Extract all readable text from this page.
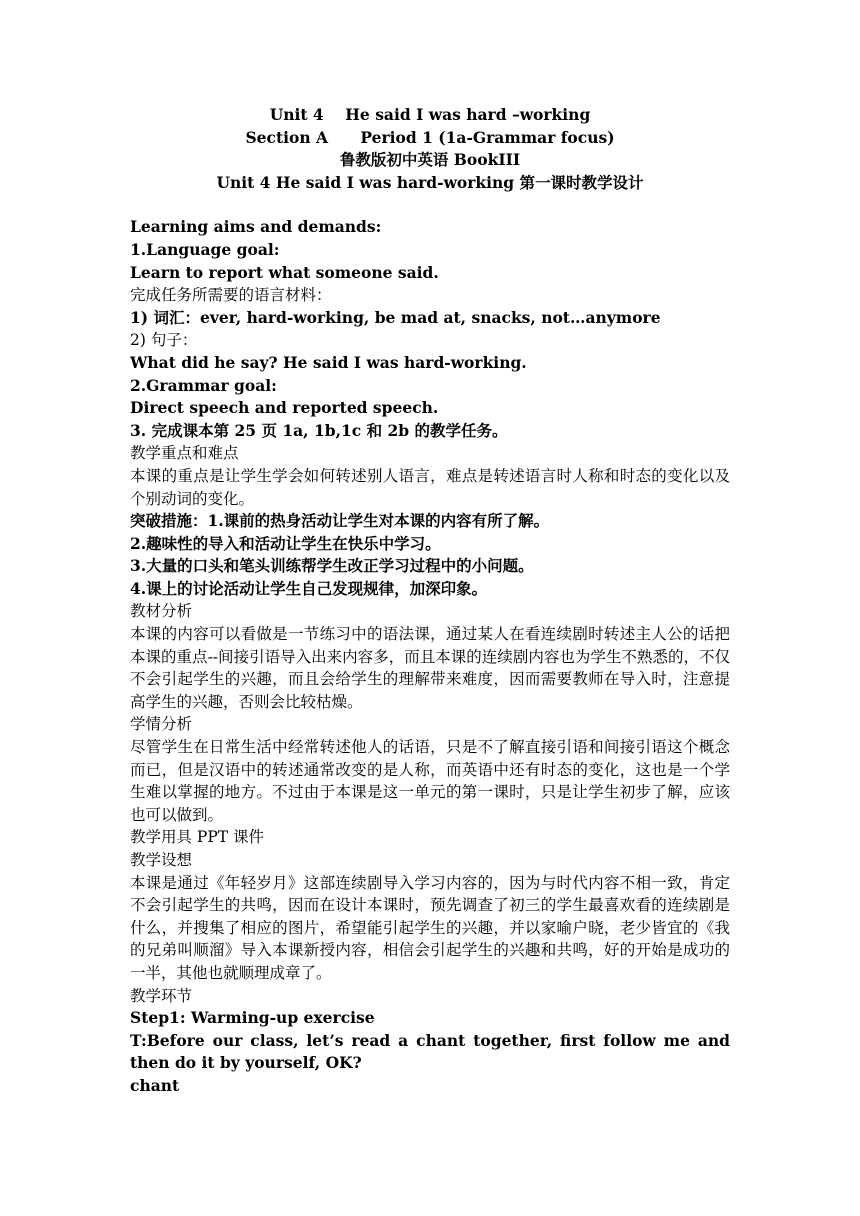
Unit 4    He said I was hard –working
Section A      Period 1 (1a-Grammar focus)
鲁教版初中英语 BookIII
Unit 4 He said I was hard-working 第一课时教学设计
Learning aims and demands:
1.Language goal:
Learn to report what someone said.
完成任务所需要的语言材料：
1) 词汇：ever, hard-working, be mad at, snacks, not…anymore
2) 句子：
What did he say? He said I was hard-working.
2.Grammar goal:
Direct speech and reported speech.
3. 完成课本第 25 页 1a, 1b,1c 和 2b 的教学任务。
教学重点和难点
本课的重点是让学生学会如何转述别人语言，难点是转述语言时人称和时态的变化以及个别动词的变化。
突破措施：1.课前的热身活动让学生对本课的内容有所了解。
2.趣味性的导入和活动让学生在快乐中学习。
3.大量的口头和笔头训练帮学生改正学习过程中的小问题。
4.课上的讨论活动让学生自己发现规律，加深印象。
教材分析
本课的内容可以看做是一节练习中的语法课，通过某人在看连续剧时转述主人公的话把本课的重点--间接引语导入出来内容多，而且本课的连续剧内容也为学生不熟悉的，不仅不会引起学生的兴趣，而且会给学生的理解带来难度，因而需要教师在导入时，注意提高学生的兴趣，否则会比较枯燥。
学情分析
尽管学生在日常生活中经常转述他人的话语，只是不了解直接引语和间接引语这个概念而已，但是汉语中的转述通常改变的是人称，而英语中还有时态的变化，这也是一个学生难以掌握的地方。不过由于本课是这一单元的第一课时，只是让学生初步了解，应该也可以做到。
教学用具 PPT 课件
教学设想
本课是通过《年轻岁月》这部连续剧导入学习内容的，因为与时代内容不相一致，肯定不会引起学生的共鸣，因而在设计本课时，预先调查了初三的学生最喜欢看的连续剧是什么，并搜集了相应的图片，希望能引起学生的兴趣，并以家喻户晓，老少皆宜的《我的兄弟叫顺溜》导入本课新授内容，相信会引起学生的兴趣和共鸣，好的开始是成功的一半，其他也就顺理成章了。
教学环节
Step1: Warming-up exercise
T:Before our class, let’s read a chant together, first follow me and then do it by yourself, OK?
chant
